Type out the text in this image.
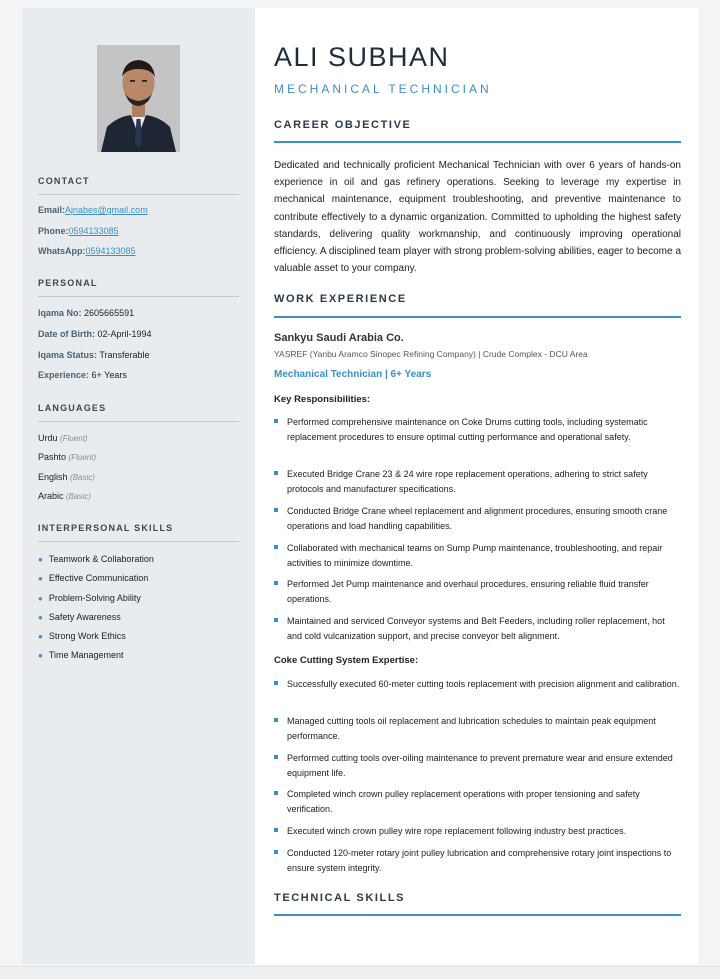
CONTACT
Email:Ajnabes@gmail.com
Phone:0594133085
WhatsApp:0594133085
PERSONAL
Iqama No: 2605665591
Date of Birth: 02-April-1994
Iqama Status: Transferable
Experience: 6+ Years
LANGUAGES
Urdu (Fluent)
Pashto (Fluent)
English (Basic)
Arabic (Basic)
INTERPERSONAL SKILLS
● Teamwork & Collaboration
● Effective Communication
● Problem-Solving Ability
● Safety Awareness
● Strong Work Ethics
● Time Management
ALI SUBHAN
MECHANICAL TECHNICIAN
CAREER OBJECTIVE
Dedicated and technically proficient Mechanical Technician with over 6 years of hands-on experience in oil and gas refinery operations. Seeking to leverage my expertise in mechanical maintenance, equipment troubleshooting, and preventive maintenance to contribute effectively to a dynamic organization. Committed to upholding the highest safety standards, delivering quality workmanship, and continuously improving operational efficiency. A disciplined team player with strong problem-solving abilities, eager to become a valuable asset to your company.
WORK EXPERIENCE
Sankyu Saudi Arabia Co.
YASREF (Yanbu Aramco Sinopec Refining Company) | Crude Complex - DCU Area
Mechanical Technician | 6+ Years
Key Responsibilities:
Performed comprehensive maintenance on Coke Drums cutting tools, including systematic replacement procedures to ensure optimal cutting performance and operational safety.
Executed Bridge Crane 23 & 24 wire rope replacement operations, adhering to strict safety protocols and manufacturer specifications.
Conducted Bridge Crane wheel replacement and alignment procedures, ensuring smooth crane operations and load handling capabilities.
Collaborated with mechanical teams on Sump Pump maintenance, troubleshooting, and repair activities to minimize downtime.
Performed Jet Pump maintenance and overhaul procedures, ensuring reliable fluid transfer operations.
Maintained and serviced Conveyor systems and Belt Feeders, including roller replacement, hot and cold vulcanization support, and precise conveyor belt alignment.
Coke Cutting System Expertise:
Successfully executed 60-meter cutting tools replacement with precision alignment and calibration.
Managed cutting tools oil replacement and lubrication schedules to maintain peak equipment performance.
Performed cutting tools over-oiling maintenance to prevent premature wear and ensure extended equipment life.
Completed winch crown pulley replacement operations with proper tensioning and safety verification.
Executed winch crown pulley wire rope replacement following industry best practices.
Conducted 120-meter rotary joint pulley lubrication and comprehensive rotary joint inspections to ensure system integrity.
TECHNICAL SKILLS
